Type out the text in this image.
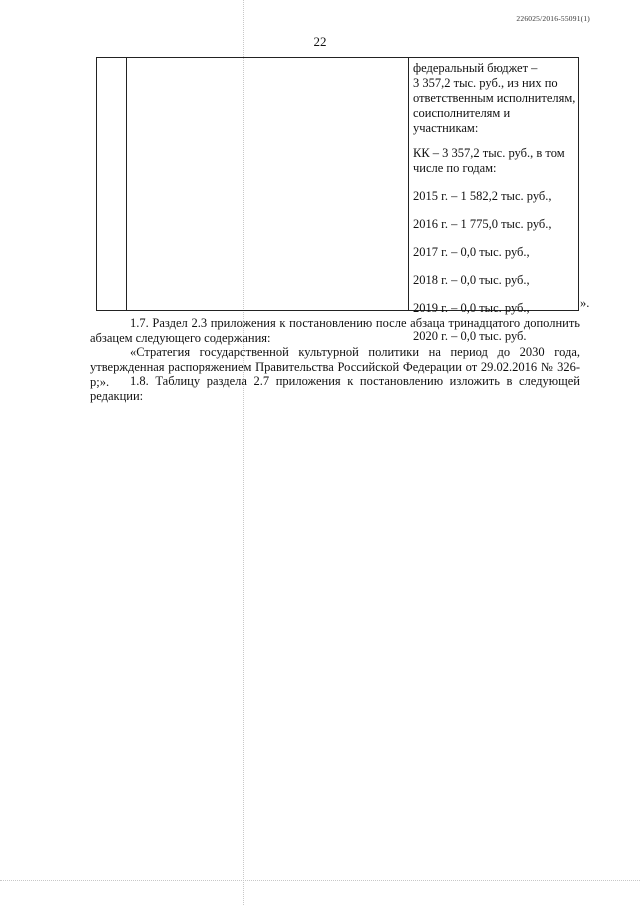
226025/2016-55091(1)
22

федеральный бюджет –

3 357,2 тыс. руб., из них по ответственным исполнителям, соисполнителям и участникам:

КК – 3 357,2 тыс. руб., в том числе по годам:

2015 г. – 1 582,2 тыс. руб.,

2016 г. – 1 775,0 тыс. руб.,

2017 г. – 0,0 тыс. руб.,

2018 г. – 0,0 тыс. руб.,

2019 г. – 0,0 тыс. руб.,

2020 г. – 0,0 тыс. руб.

».
1.7. Раздел 2.3 приложения к постановлению после абзаца тринадцатого дополнить абзацем следующего содержания:
«Стратегия государственной культурной политики на период до 2030 года, утвержденная распоряжением Правительства Российской Федерации от 29.02.2016 № 326-р;».	1.8. Таблицу раздела 2.7 приложения к постановлению изложить в следующей редакции:
